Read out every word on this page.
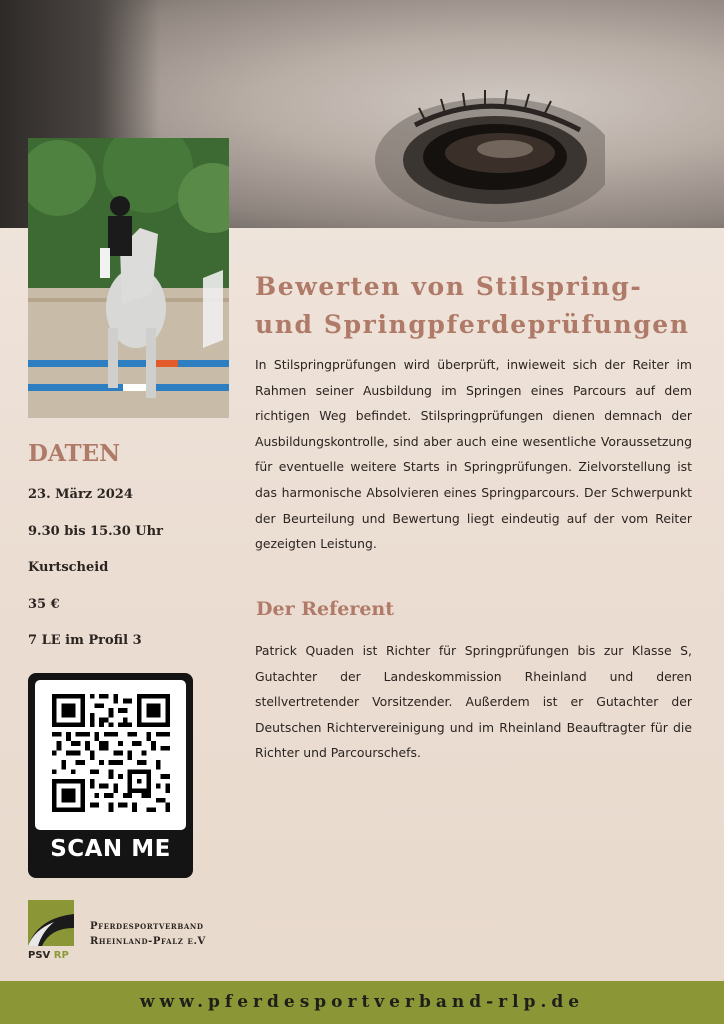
Bewerten von Stilspring-
und Springpferdeprüfungen

In Stilspringprüfungen wird überprüft, inwieweit sich der Reiter im Rahmen seiner Ausbildung im Springen eines Parcours auf dem richtigen Weg befindet. Stilspringprüfungen dienen demnach der Ausbildungskontrolle, sind aber auch eine wesentliche Voraussetzung für eventuelle weitere Starts in Springprüfungen. Zielvorstellung ist das harmonische Absolvieren eines Springparcours. Der Schwerpunkt der Beurteilung und Bewertung liegt eindeutig auf der vom Reiter gezeigten Leistung.

Der Referent

Patrick Quaden ist Richter für Springprüfungen bis zur Klasse S, Gutachter der Landeskommission Rheinland und deren stellvertretender Vorsitzender. Außerdem ist er Gutachter der Deutschen Richtervereinigung und im Rheinland Beauftragter für die Richter und Parcourschefs.

DATEN
23. März 2024
9.30 bis 15.30 Uhr
Kurtscheid
35 €
7 LE im Profil 3
SCAN ME
PSV RP
Pferdesportverband
Rheinland-Pfalz e.V
www.pferdesportverband-rlp.de
